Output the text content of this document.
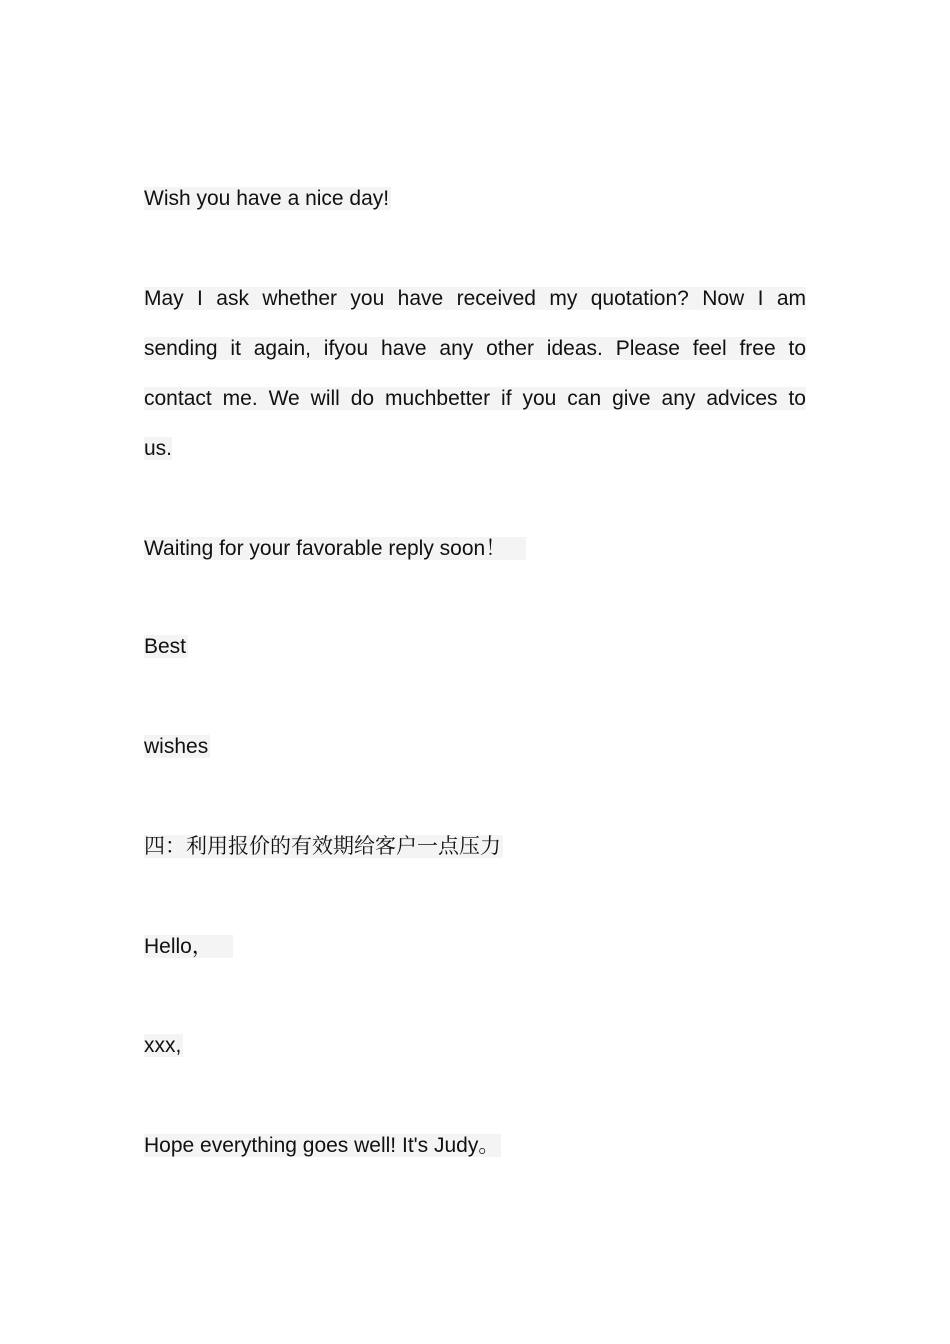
Wish you have a nice day!

May I ask whether you have received my quotation? Now I am
sending it again, ifyou have any other ideas. Please feel free to
contact me. We will do muchbetter if you can give any advices to
us.

Waiting for your favorable reply soon！

Best

wishes

四：利用报价的有效期给客户一点压力

Hello，

xxx,

Hope everything goes well! It's Judy。
